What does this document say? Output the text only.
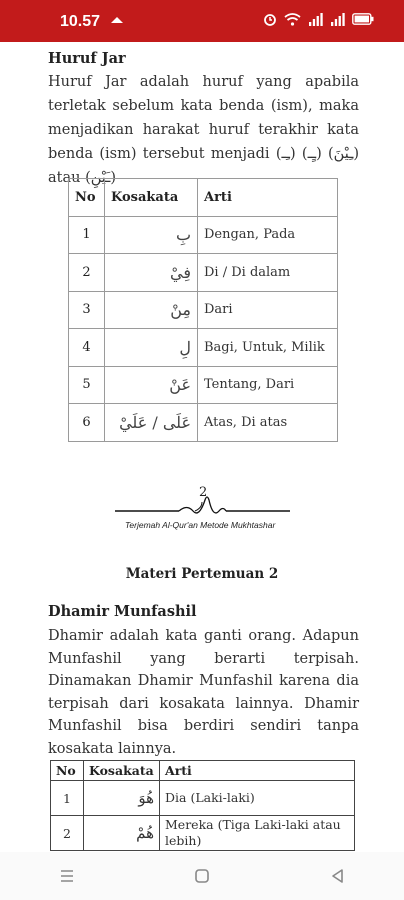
10.57
Huruf Jar
Huruf Jar adalah huruf yang apabila terletak sebelum kata benda (ism), maka menjadikan harakat huruf terakhir kata benda (ism) tersebut menjadi (ـِـ) (ـٍـ) (ـِيْنَ) atau (ـَيْنِ)
No	Kosakata	Arti
1	بِ	Dengan, Pada
2	فِيْ	Di / Di dalam
3	مِنْ	Dari
4	لِ	Bagi, Untuk, Milik
5	عَنْ	Tentang, Dari
6	عَلَى / عَلَيْ	Atas, Di atas
2
Terjemah Al-Qur'an Metode Mukhtashar
Materi Pertemuan 2
Dhamir Munfashil
Dhamir adalah kata ganti orang. Adapun Munfashil yang berarti terpisah. Dinamakan Dhamir Munfashil karena dia terpisah dari kosakata lainnya. Dhamir Munfashil bisa berdiri sendiri tanpa kosakata lainnya.
No	Kosakata	Arti
1	هُوَ	Dia (Laki-laki)
2	هُمْ	Mereka (Tiga Laki-laki atau lebih)
